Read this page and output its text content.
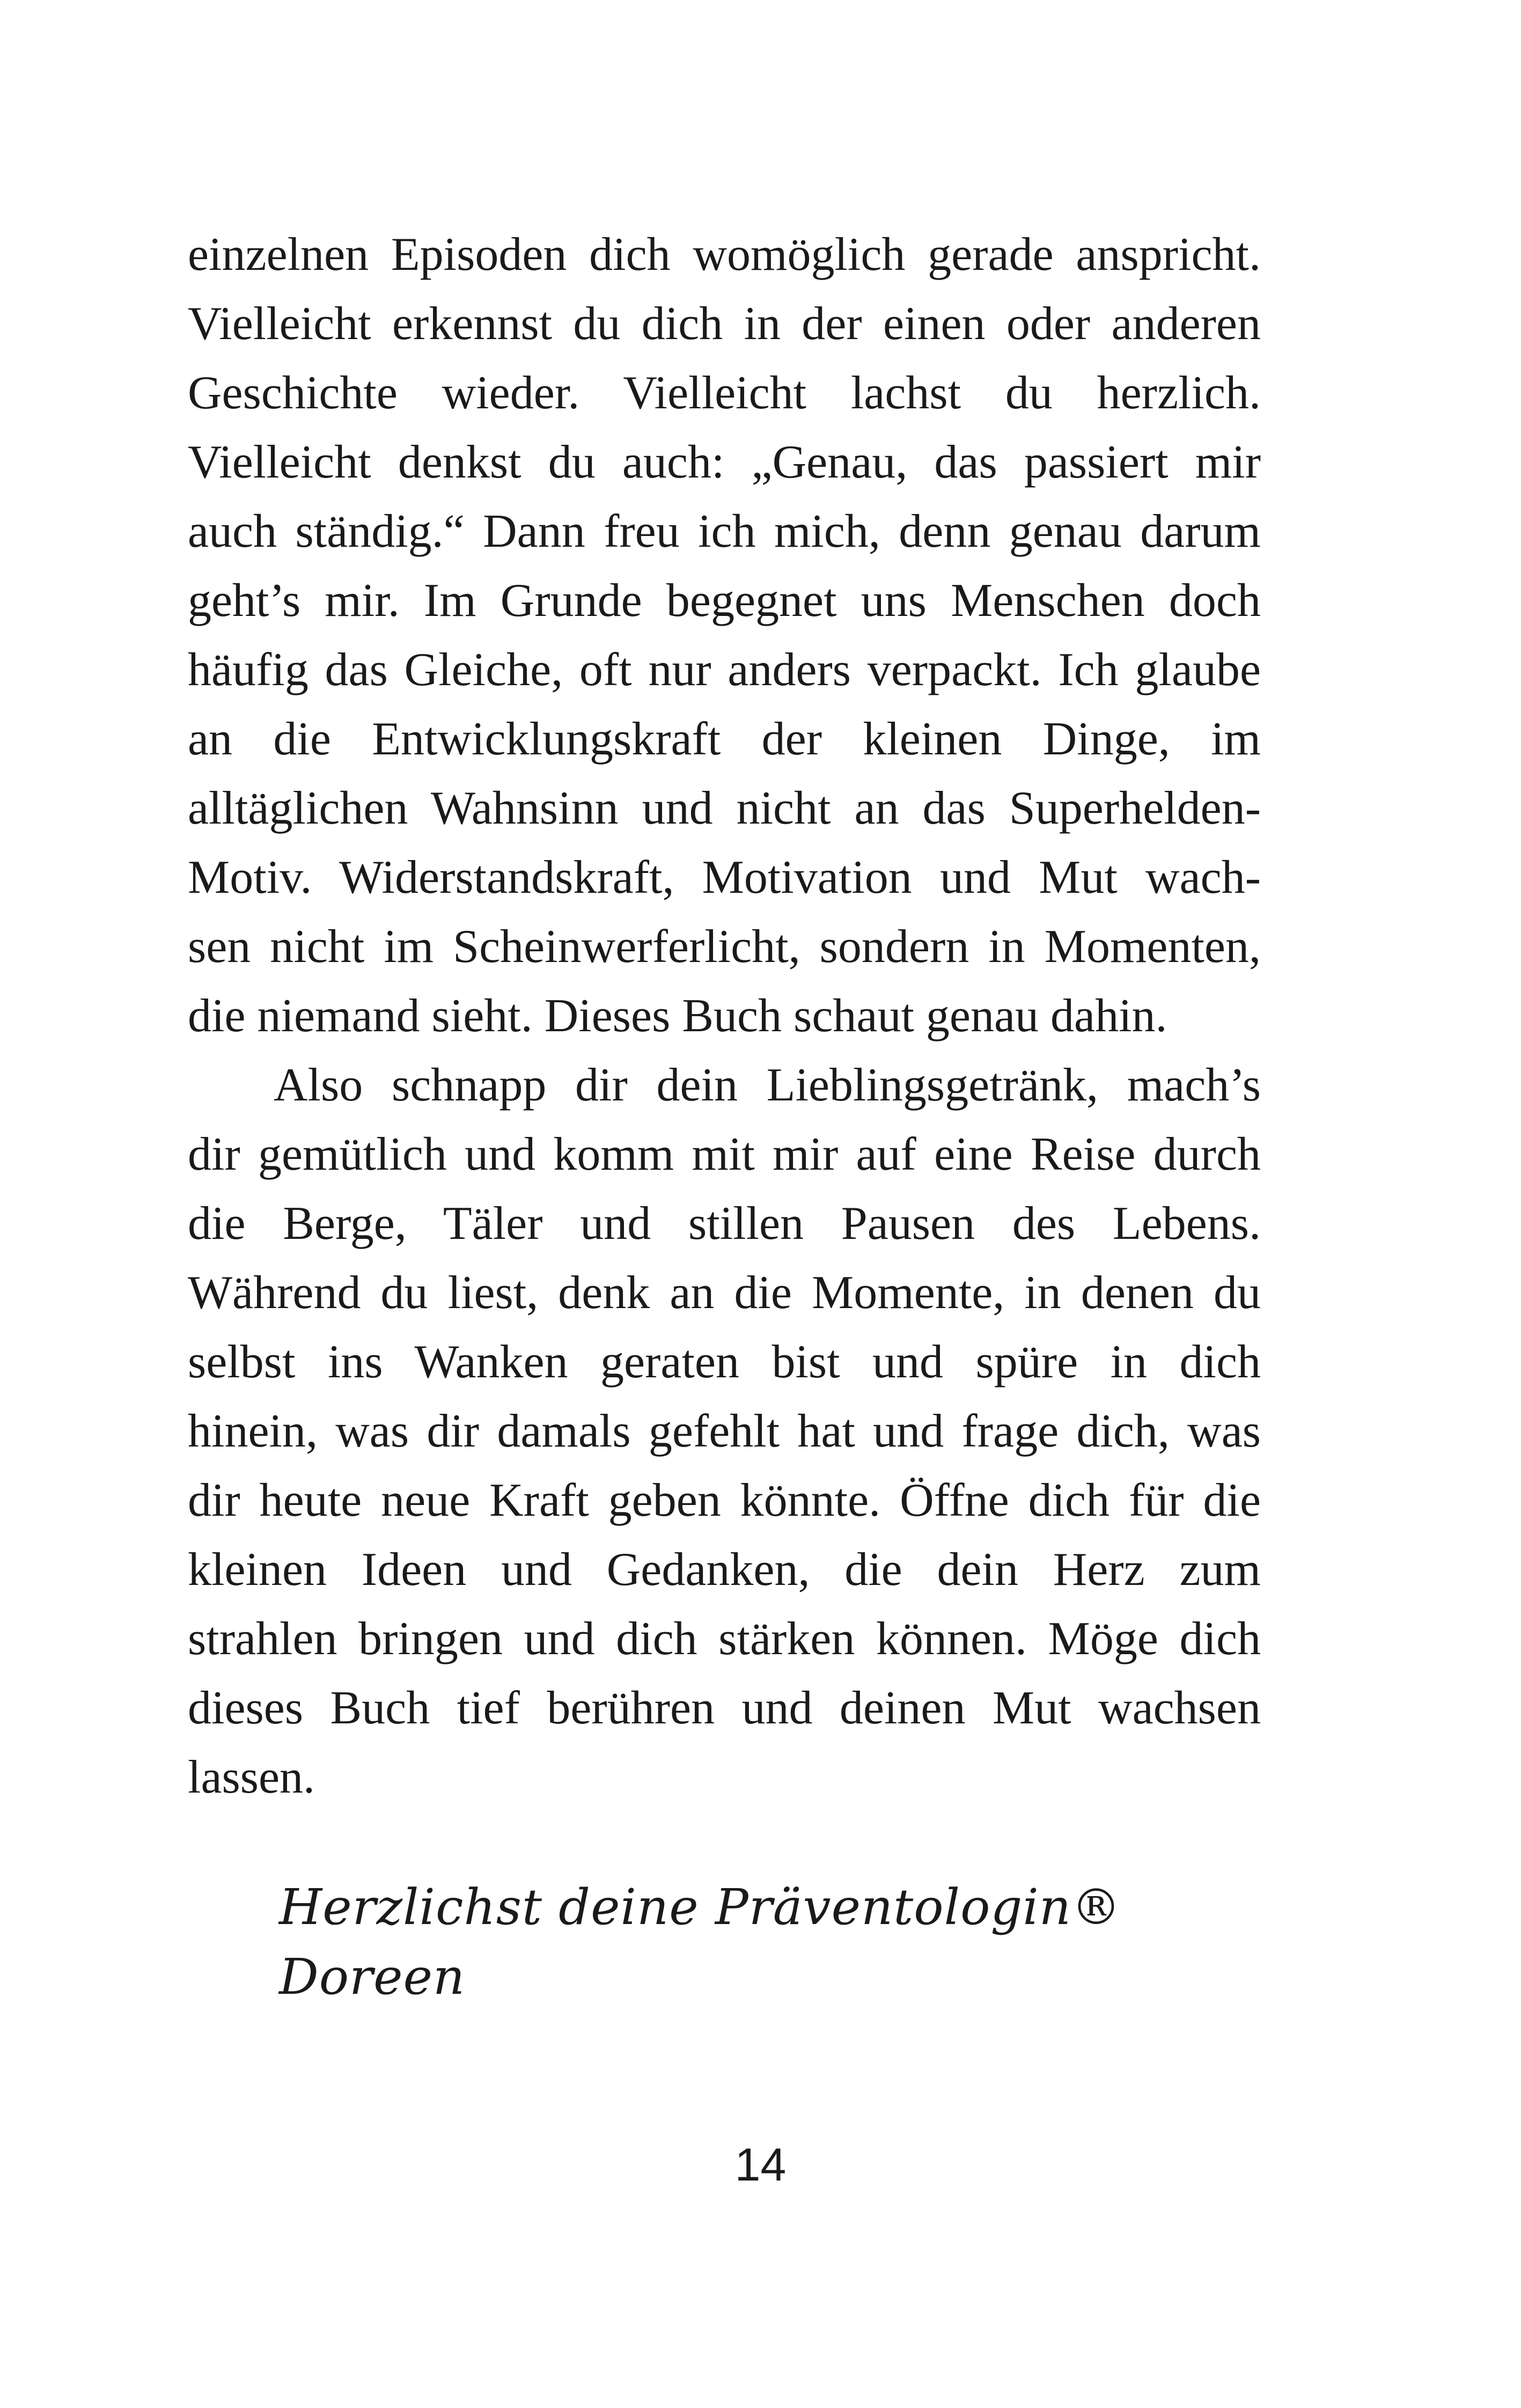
einzelnen Episoden dich womöglich gerade anspricht.
Vielleicht erkennst du dich in der einen oder anderen
Geschichte wieder. Vielleicht lachst du herzlich.
Vielleicht denkst du auch: „Genau, das passiert mir
auch ständig.“ Dann freu ich mich, denn genau darum
geht’s mir. Im Grunde begegnet uns Menschen doch
häufig das Gleiche, oft nur anders verpackt. Ich glaube
an die Entwicklungskraft der kleinen Dinge, im
alltäglichen Wahnsinn und nicht an das Superhelden-
Motiv. Widerstandskraft, Motivation und Mut wach-
sen nicht im Scheinwerferlicht, sondern in Momenten,
die niemand sieht. Dieses Buch schaut genau dahin.
Also schnapp dir dein Lieblingsgetränk, mach’s
dir gemütlich und komm mit mir auf eine Reise durch
die Berge, Täler und stillen Pausen des Lebens.
Während du liest, denk an die Momente, in denen du
selbst ins Wanken geraten bist und spüre in dich
hinein, was dir damals gefehlt hat und frage dich, was
dir heute neue Kraft geben könnte. Öffne dich für die
kleinen Ideen und Gedanken, die dein Herz zum
strahlen bringen und dich stärken können. Möge dich
dieses Buch tief berühren und deinen Mut wachsen
lassen.
Herzlichst deine Präventologin® Doreen
14
